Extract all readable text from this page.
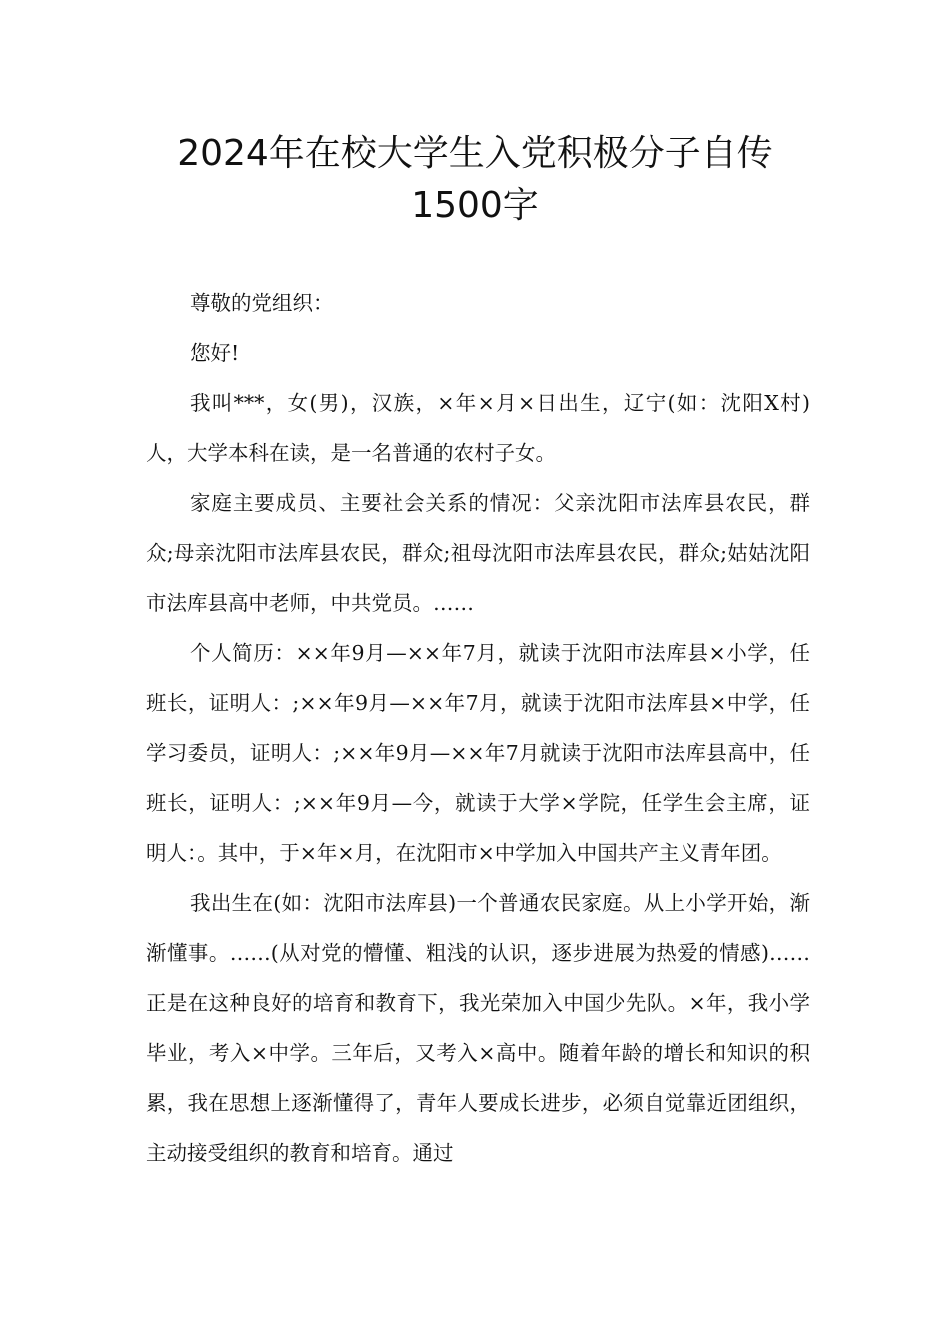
2024年在校大学生入党积极分子自传
1500字

尊敬的党组织：

您好!

我叫***，女(男)，汉族，×年×月×日出生，辽宁(如：沈阳X村)人，大学本科在读，是一名普通的农村子女。

家庭主要成员、主要社会关系的情况：父亲沈阳市法库县农民，群众;母亲沈阳市法库县农民，群众;祖母沈阳市法库县农民，群众;姑姑沈阳市法库县高中老师，中共党员。……

个人简历：××年9月—××年7月，就读于沈阳市法库县×小学，任班长，证明人：;××年9月—××年7月，就读于沈阳市法库县×中学，任学习委员，证明人：;××年9月—××年7月就读于沈阳市法库县高中，任班长，证明人：;××年9月—今，就读于大学×学院，任学生会主席，证明人：。其中，于×年×月，在沈阳市×中学加入中国共产主义青年团。

我出生在(如：沈阳市法库县)一个普通农民家庭。从上小学开始，渐渐懂事。……(从对党的懵懂、粗浅的认识，逐步进展为热爱的情感)……正是在这种良好的培育和教育下，我光荣加入中国少先队。×年，我小学毕业，考入×中学。三年后，又考入×高中。随着年龄的增长和知识的积累，我在思想上逐渐懂得了，青年人要成长进步，必须自觉靠近团组织，主动接受组织的教育和培育。通过
